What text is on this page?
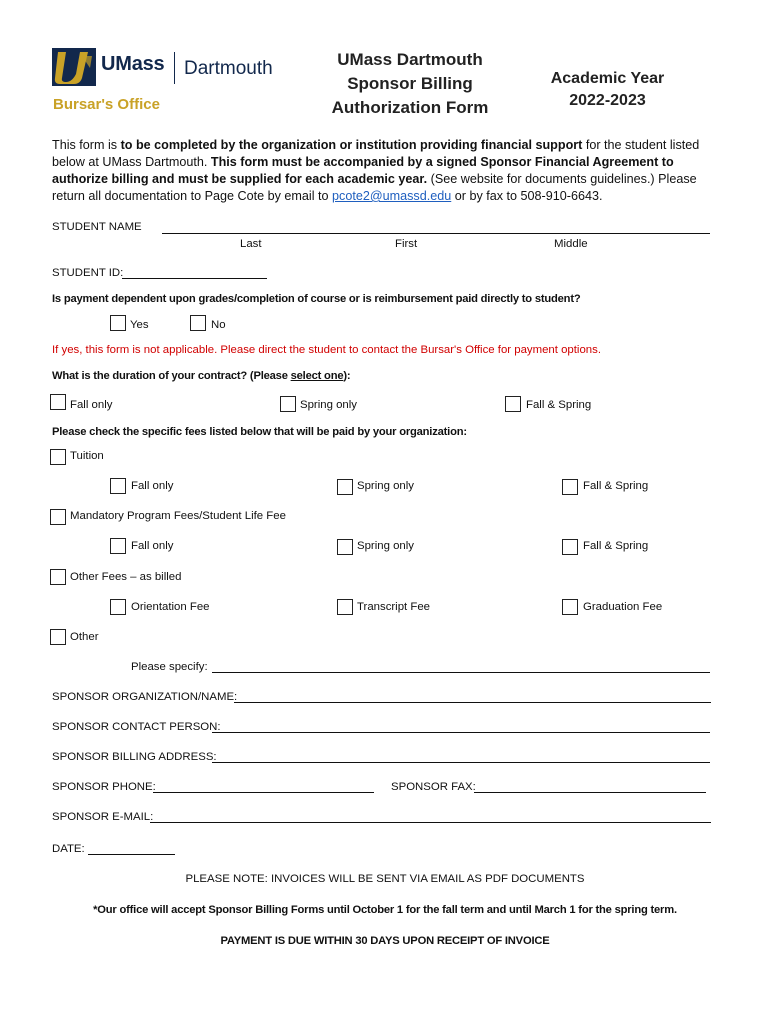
UMass Dartmouth
Bursar's Office
UMass Dartmouth
Sponsor Billing
Authorization Form
Academic Year
2022-2023
This form is to be completed by the organization or institution providing financial support for the student listed below at UMass Dartmouth. This form must be accompanied by a signed Sponsor Financial Agreement to authorize billing and must be supplied for each academic year. (See website for documents guidelines.) Please return all documentation to Page Cote by email to pcote2@umassd.edu or by fax to 508-910-6643.
STUDENT NAME
Last	First	Middle
STUDENT ID:
Is payment dependent upon grades/completion of course or is reimbursement paid directly to student?
Yes	No
If yes, this form is not applicable. Please direct the student to contact the Bursar's Office for payment options.
What is the duration of your contract? (Please select one):
Fall only	Spring only	Fall & Spring
Please check the specific fees listed below that will be paid by your organization:
Tuition
Fall only	Spring only	Fall & Spring
Mandatory Program Fees/Student Life Fee
Fall only	Spring only	Fall & Spring
Other Fees – as billed
Orientation Fee	Transcript Fee	Graduation Fee
Other
Please specify:
SPONSOR ORGANIZATION/NAME:
SPONSOR CONTACT PERSON:
SPONSOR BILLING ADDRESS:
SPONSOR PHONE:	SPONSOR FAX:
SPONSOR E-MAIL:
DATE:
PLEASE NOTE: INVOICES WILL BE SENT VIA EMAIL AS PDF DOCUMENTS
*Our office will accept Sponsor Billing Forms until October 1 for the fall term and until March 1 for the spring term.
PAYMENT IS DUE WITHIN 30 DAYS UPON RECEIPT OF INVOICE
